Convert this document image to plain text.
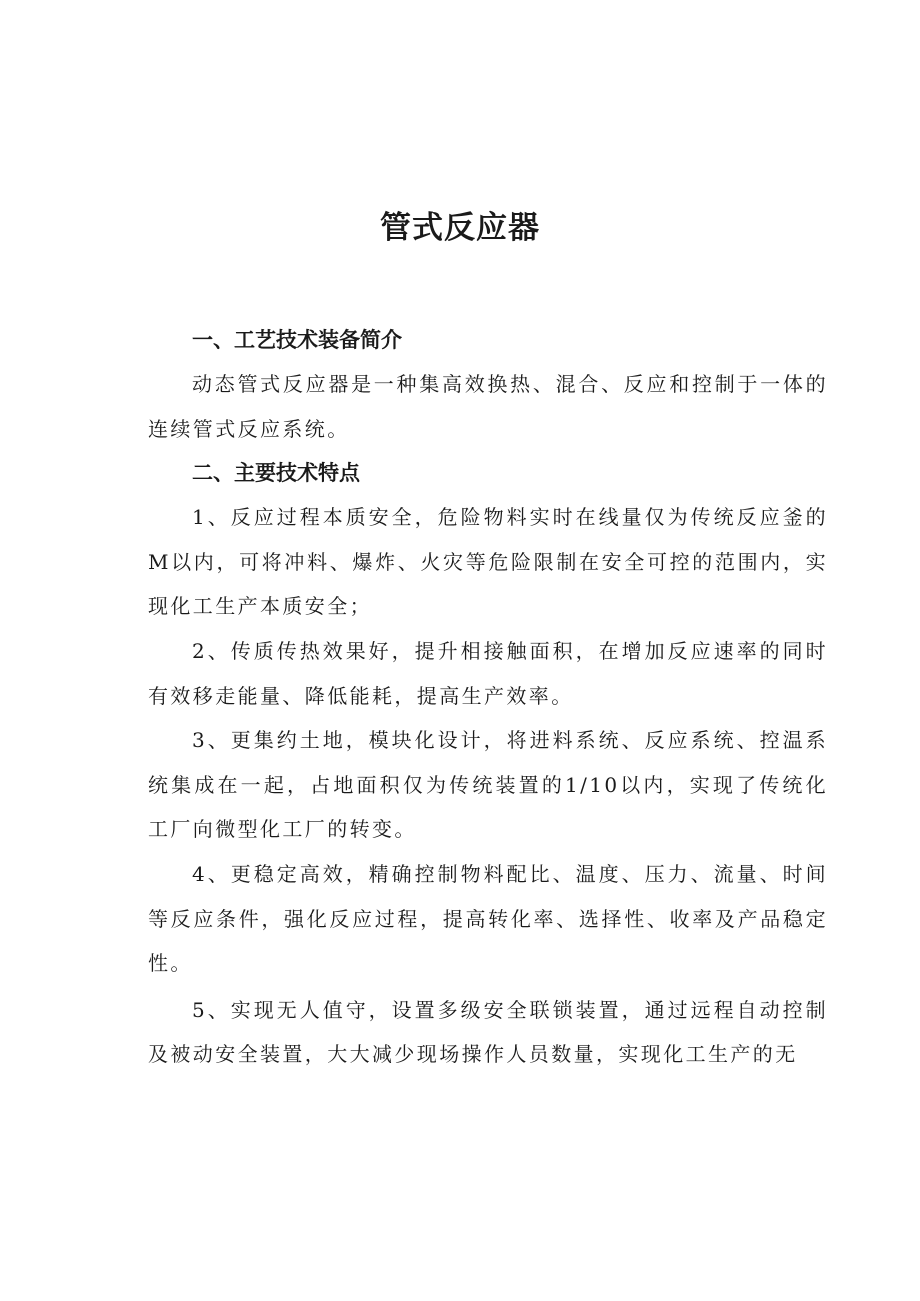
管式反应器
一、工艺技术装备简介

动态管式反应器是一种集高效换热、混合、反应和控制于一体的连续管式反应系统。

二、主要技术特点

1、反应过程本质安全，危险物料实时在线量仅为传统反应釜的M以内，可将冲料、爆炸、火灾等危险限制在安全可控的范围内，实现化工生产本质安全；

2、传质传热效果好，提升相接触面积，在增加反应速率的同时有效移走能量、降低能耗，提高生产效率。

3、更集约土地，模块化设计，将进料系统、反应系统、控温系统集成在一起，占地面积仅为传统装置的1/10以内，实现了传统化工厂向微型化工厂的转变。

4、更稳定高效，精确控制物料配比、温度、压力、流量、时间等反应条件，强化反应过程，提高转化率、选择性、收率及产品稳定性。

5、实现无人值守，设置多级安全联锁装置，通过远程自动控制及被动安全装置，大大减少现场操作人员数量，实现化工生产的无
